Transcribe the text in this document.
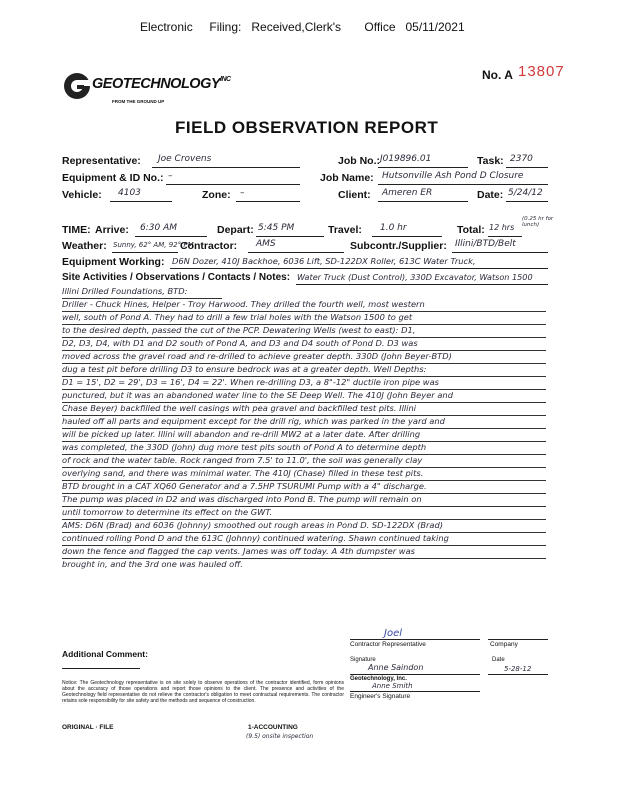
Electronic     Filing:   Received,Clerk's       Office   05/11/2021
$GEOTECHNOLOGY^{INC}$
FROM THE GROUND UP
No. A 13807
FIELD OBSERVATION REPORT
Representative: Joe Crovens	Job No.: J019896.01	Task: 2370
Equipment & ID No.: –	Job Name: Hutsonville Ash Pond D Closure
Vehicle: 4103	Zone: –	Client: Ameren ER	Date: 5/24/12
TIME: Arrive: 6:30 AM	Depart: 5:45 PM	Travel: 1.0 hr	Total: 12 hrs
(0.25 hr for lunch)
Weather: Sunny, 62° AM, 92° PM
Contractor: AMS	Subcontr./Supplier: Illini/BTD/Belt
Equipment Working: D6N Dozer, 410J Backhoe, 6036 Lift, SD-122DX Roller, 613C Water Truck,
Site Activities / Observations / Contacts / Notes: Water Truck (Dust Control), 330D Excavator, Watson 1500
Illini Drilled Foundations, BTD:
Driller - Chuck Hines, Helper - Troy Harwood. They drilled the fourth well, most western
well, south of Pond A. They had to drill a few trial holes with the Watson 1500 to get
to the desired depth, passed the cut of the PCP. Dewatering Wells (west to east): D1,
D2, D3, D4, with D1 and D2 south of Pond A, and D3 and D4 south of Pond D. D3 was
moved across the gravel road and re-drilled to achieve greater depth. 330D (John Beyer-BTD)
dug a test pit before drilling D3 to ensure bedrock was at a greater depth. Well Depths:
D1 = 15', D2 = 29', D3 = 16', D4 = 22'. When re-drilling D3, a 8"-12" ductile iron pipe was
punctured, but it was an abandoned water line to the SE Deep Well. The 410J (John Beyer and
Chase Beyer) backfilled the well casings with pea gravel and backfilled test pits. Illini
hauled off all parts and equipment except for the drill rig, which was parked in the yard and
will be picked up later. Illini will abandon and re-drill MW2 at a later date. After drilling
was completed, the 330D (John) dug more test pits south of Pond A to determine depth
of rock and the water table. Rock ranged from 7.5' to 11.0', the soil was generally clay
overlying sand, and there was minimal water. The 410J (Chase) filled in these test pits.
BTD brought in a CAT XQ60 Generator and a 7.5HP TSURUMI Pump with a 4" discharge.
The pump was placed in D2 and was discharged into Pond B. The pump will remain on
until tomorrow to determine its effect on the GWT.
AMS: D6N (Brad) and 6036 (Johnny) smoothed out rough areas in Pond D. SD-122DX (Brad)
continued rolling Pond D and the 613C (Johnny) continued watering. Shawn continued taking
down the fence and flagged the cap vents. James was off today. A 4th dumpster was
brought in, and the 3rd one was hauled off.
Joel
Contractor Representative	Company
Signature
Anne Saindon
Date
5-28-12
Geotechnology, Inc.
Anne Smith
Engineer's Signature
Additional Comment:
Notice: The Geotechnology representative is on site solely to observe operations of the contractor identified, form opinions about the accuracy of those operations and report those opinions to the client. The presence and activities of the Geotechnology field representative do not relieve the contractor's obligation to meet contractual requirements. The contractor retains sole responsibility for site safety and the methods and sequence of construction.
ORIGINAL · FILE	1-ACCOUNTING
(9.5) onsite inspection
